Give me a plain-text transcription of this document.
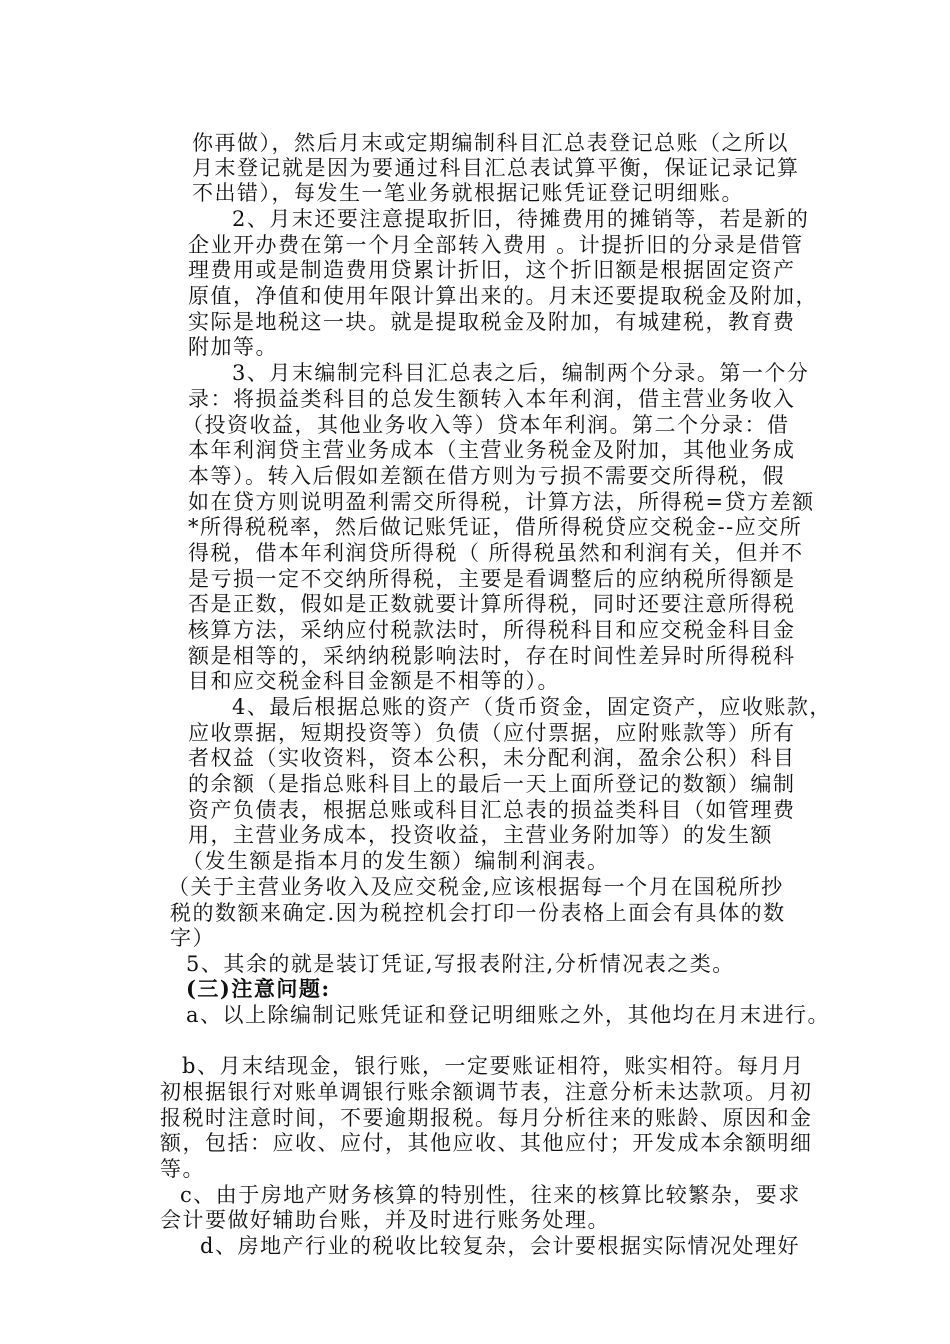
你再做），然后月末或定期编制科目汇总表登记总账（之所以
月末登记就是因为要通过科目汇总表试算平衡，保证记录记算
不出错），每发生一笔业务就根据记账凭证登记明细账。
2、月末还要注意提取折旧，待摊费用的摊销等，若是新的
企业开办费在第一个月全部转入费用 。计提折旧的分录是借管
理费用或是制造费用贷累计折旧，这个折旧额是根据固定资产
原值，净值和使用年限计算出来的。月末还要提取税金及附加，
实际是地税这一块。就是提取税金及附加，有城建税，教育费
附加等。
3、月末编制完科目汇总表之后，编制两个分录。第一个分
录：将损益类科目的总发生额转入本年利润，借主营业务收入
（投资收益，其他业务收入等）贷本年利润。第二个分录：借
本年利润贷主营业务成本（主营业务税金及附加，其他业务成
本等）。转入后假如差额在借方则为亏损不需要交所得税，假
如在贷方则说明盈利需交所得税，计算方法，所得税=贷方差额
*所得税税率，然后做记账凭证，借所得税贷应交税金--应交所
得税，借本年利润贷所得税（ 所得税虽然和利润有关，但并不
是亏损一定不交纳所得税，主要是看调整后的应纳税所得额是
否是正数，假如是正数就要计算所得税，同时还要注意所得税
核算方法，采纳应付税款法时，所得税科目和应交税金科目金
额是相等的，采纳纳税影响法时，存在时间性差异时所得税科
目和应交税金科目金额是不相等的）。
4、最后根据总账的资产（货币资金，固定资产，应收账款，
应收票据，短期投资等）负债（应付票据，应附账款等）所有
者权益（实收资料，资本公积，未分配利润，盈余公积）科目
的余额（是指总账科目上的最后一天上面所登记的数额）编制
资产负债表，根据总账或科目汇总表的损益类科目（如管理费
用，主营业务成本，投资收益，主营业务附加等）的发生额
（发生额是指本月的发生额）编制利润表。
（关于主营业务收入及应交税金,应该根据每一个月在国税所抄
税的数额来确定.因为税控机会打印一份表格上面会有具体的数
字）
5、其余的就是装订凭证,写报表附注,分析情况表之类。
(三)注意问题:
a、以上除编制记账凭证和登记明细账之外，其他均在月末进行。
b、月末结现金，银行账，一定要账证相符，账实相符。每月月
初根据银行对账单调银行账余额调节表，注意分析未达款项。月初
报税时注意时间，不要逾期报税。每月分析往来的账龄、原因和金
额，包括：应收、应付，其他应收、其他应付；开发成本余额明细
等。
c、由于房地产财务核算的特别性，往来的核算比较繁杂，要求
会计要做好辅助台账，并及时进行账务处理。
d、房地产行业的税收比较复杂，会计要根据实际情况处理好
